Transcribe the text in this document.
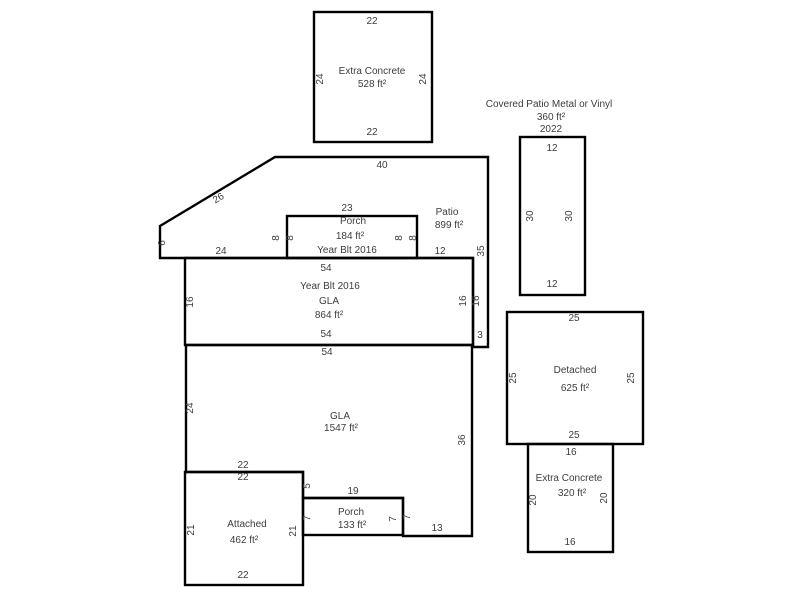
22
Extra Concrete
528 ft²
24	24
22
Covered Patio Metal or Vinyl
360 ft²
2022
12
30	30
12
40
26
6
24
Patio
899 ft²
12	35
16
3
23
Porch
184 ft²
Year Blt 2016
8 8	8 8
54
Year Blt 2016
GLA
864 ft²
54
16	16
54
GLA
1547 ft²
24
36
22
5	19
7
13
22
Attached
462 ft²
21	21
22
Porch
133 ft²
7	7
25
Detached
625 ft²
25	25
25
16
Extra Concrete
320 ft²
20	20
16
